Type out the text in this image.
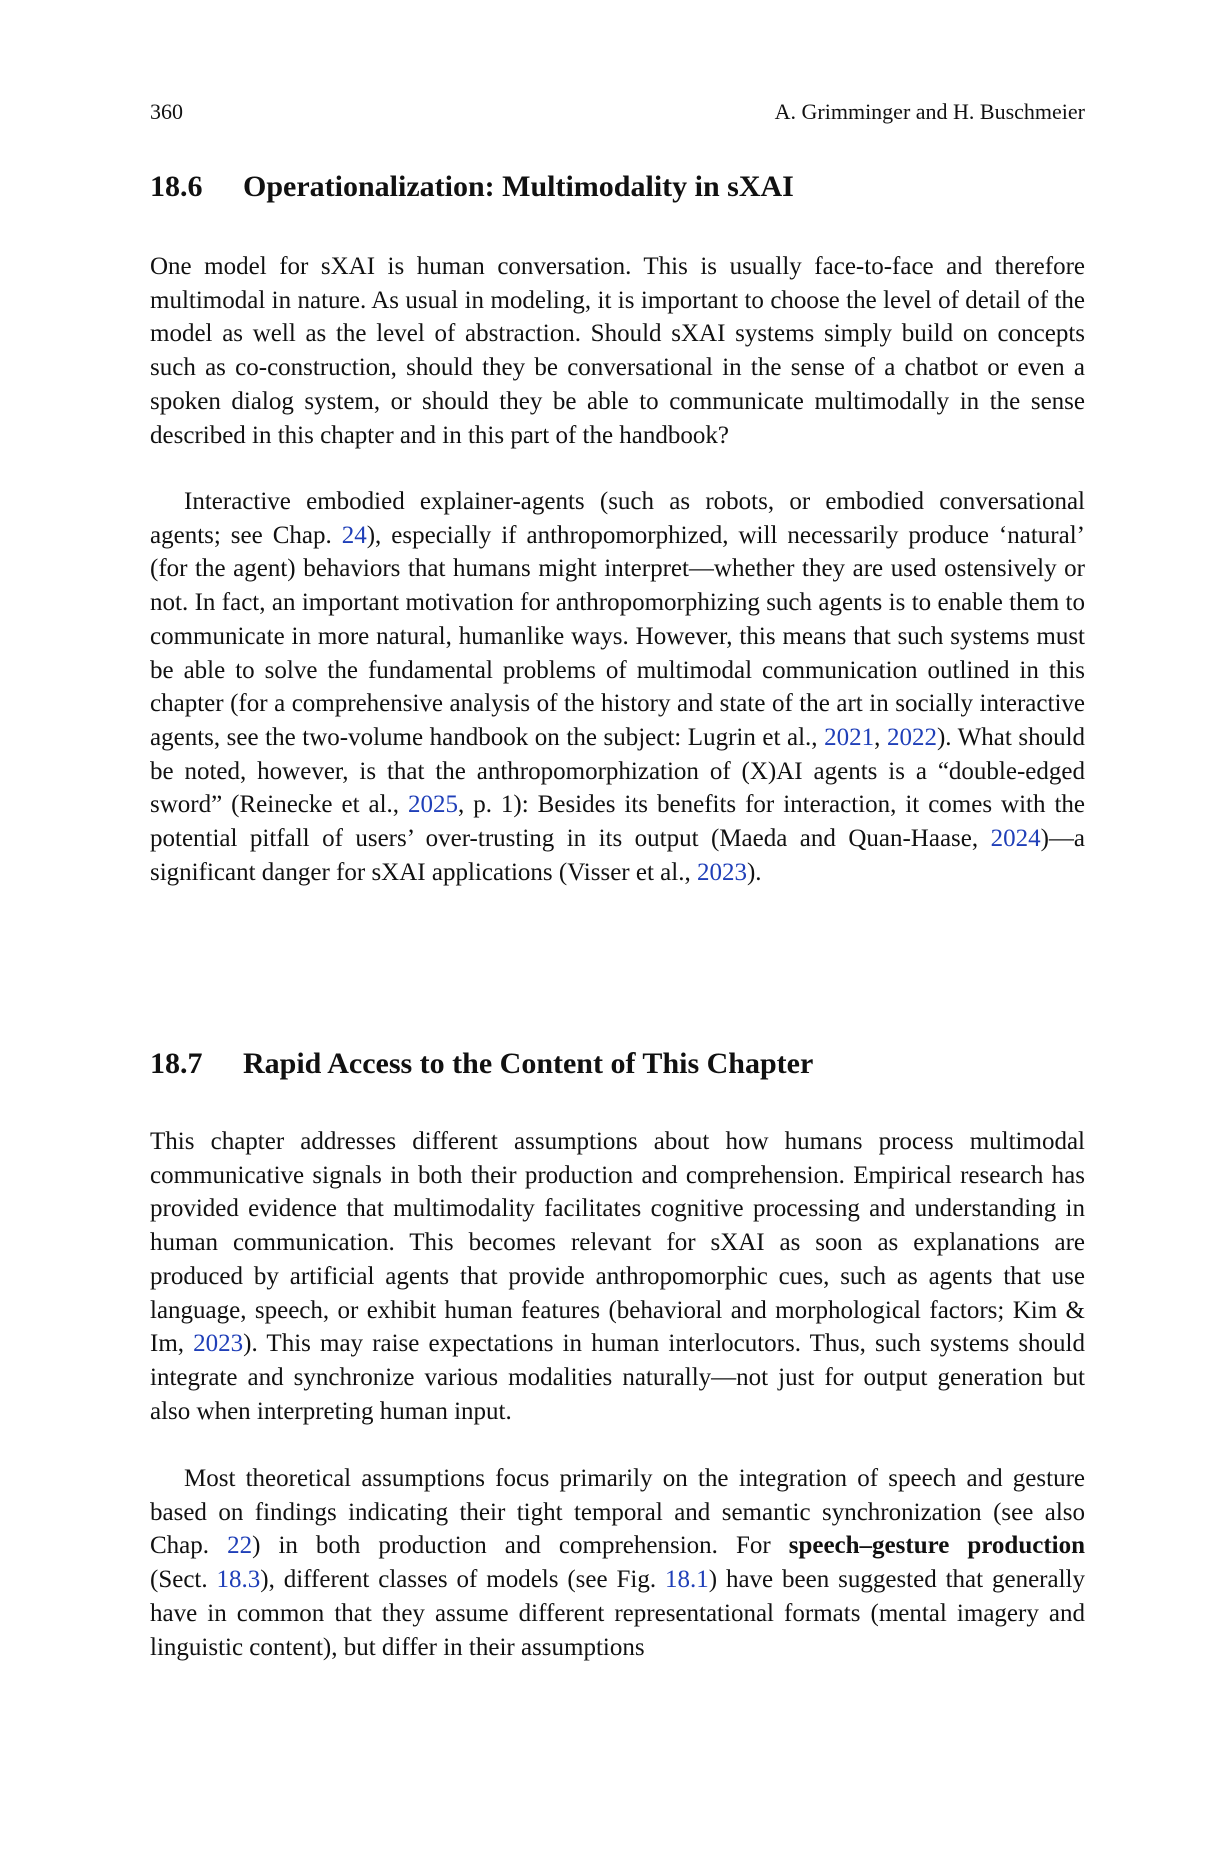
360	A. Grimminger and H. Buschmeier
18.6 Operationalization: Multimodality in sXAI

One model for sXAI is human conversation. This is usually face-to-face and therefore multimodal in nature. As usual in modeling, it is important to choose the level of detail of the model as well as the level of abstraction. Should sXAI systems simply build on concepts such as co-construction, should they be conversational in the sense of a chatbot or even a spoken dialog system, or should they be able to communicate multimodally in the sense described in this chapter and in this part of the handbook?

Interactive embodied explainer-agents (such as robots, or embodied conversational agents; see Chap. 24), especially if anthropomorphized, will necessarily produce ‘natural’ (for the agent) behaviors that humans might interpret—whether they are used ostensively or not. In fact, an important motivation for anthropomorphizing such agents is to enable them to communicate in more natural, humanlike ways. However, this means that such systems must be able to solve the fundamental problems of multimodal communication outlined in this chapter (for a comprehensive analysis of the history and state of the art in socially interactive agents, see the two-volume handbook on the subject: Lugrin et al., 2021, 2022). What should be noted, however, is that the anthropomorphization of (X)AI agents is a “double-edged sword” (Reinecke et al., 2025, p. 1): Besides its benefits for interaction, it comes with the potential pitfall of users’ over-trusting in its output (Maeda and Quan-Haase, 2024)—a significant danger for sXAI applications (Visser et al., 2023).

18.7 Rapid Access to the Content of This Chapter

This chapter addresses different assumptions about how humans process multimodal communicative signals in both their production and comprehension. Empirical research has provided evidence that multimodality facilitates cognitive processing and understanding in human communication. This becomes relevant for sXAI as soon as explanations are produced by artificial agents that provide anthropomorphic cues, such as agents that use language, speech, or exhibit human features (behavioral and morphological factors; Kim & Im, 2023). This may raise expectations in human interlocutors. Thus, such systems should integrate and synchronize various modalities naturally—not just for output generation but also when interpreting human input.

Most theoretical assumptions focus primarily on the integration of speech and gesture based on findings indicating their tight temporal and semantic synchronization (see also Chap. 22) in both production and comprehension. For speech–gesture production (Sect. 18.3), different classes of models (see Fig. 18.1) have been suggested that generally have in common that they assume different representational formats (mental imagery and linguistic content), but differ in their assumptions
